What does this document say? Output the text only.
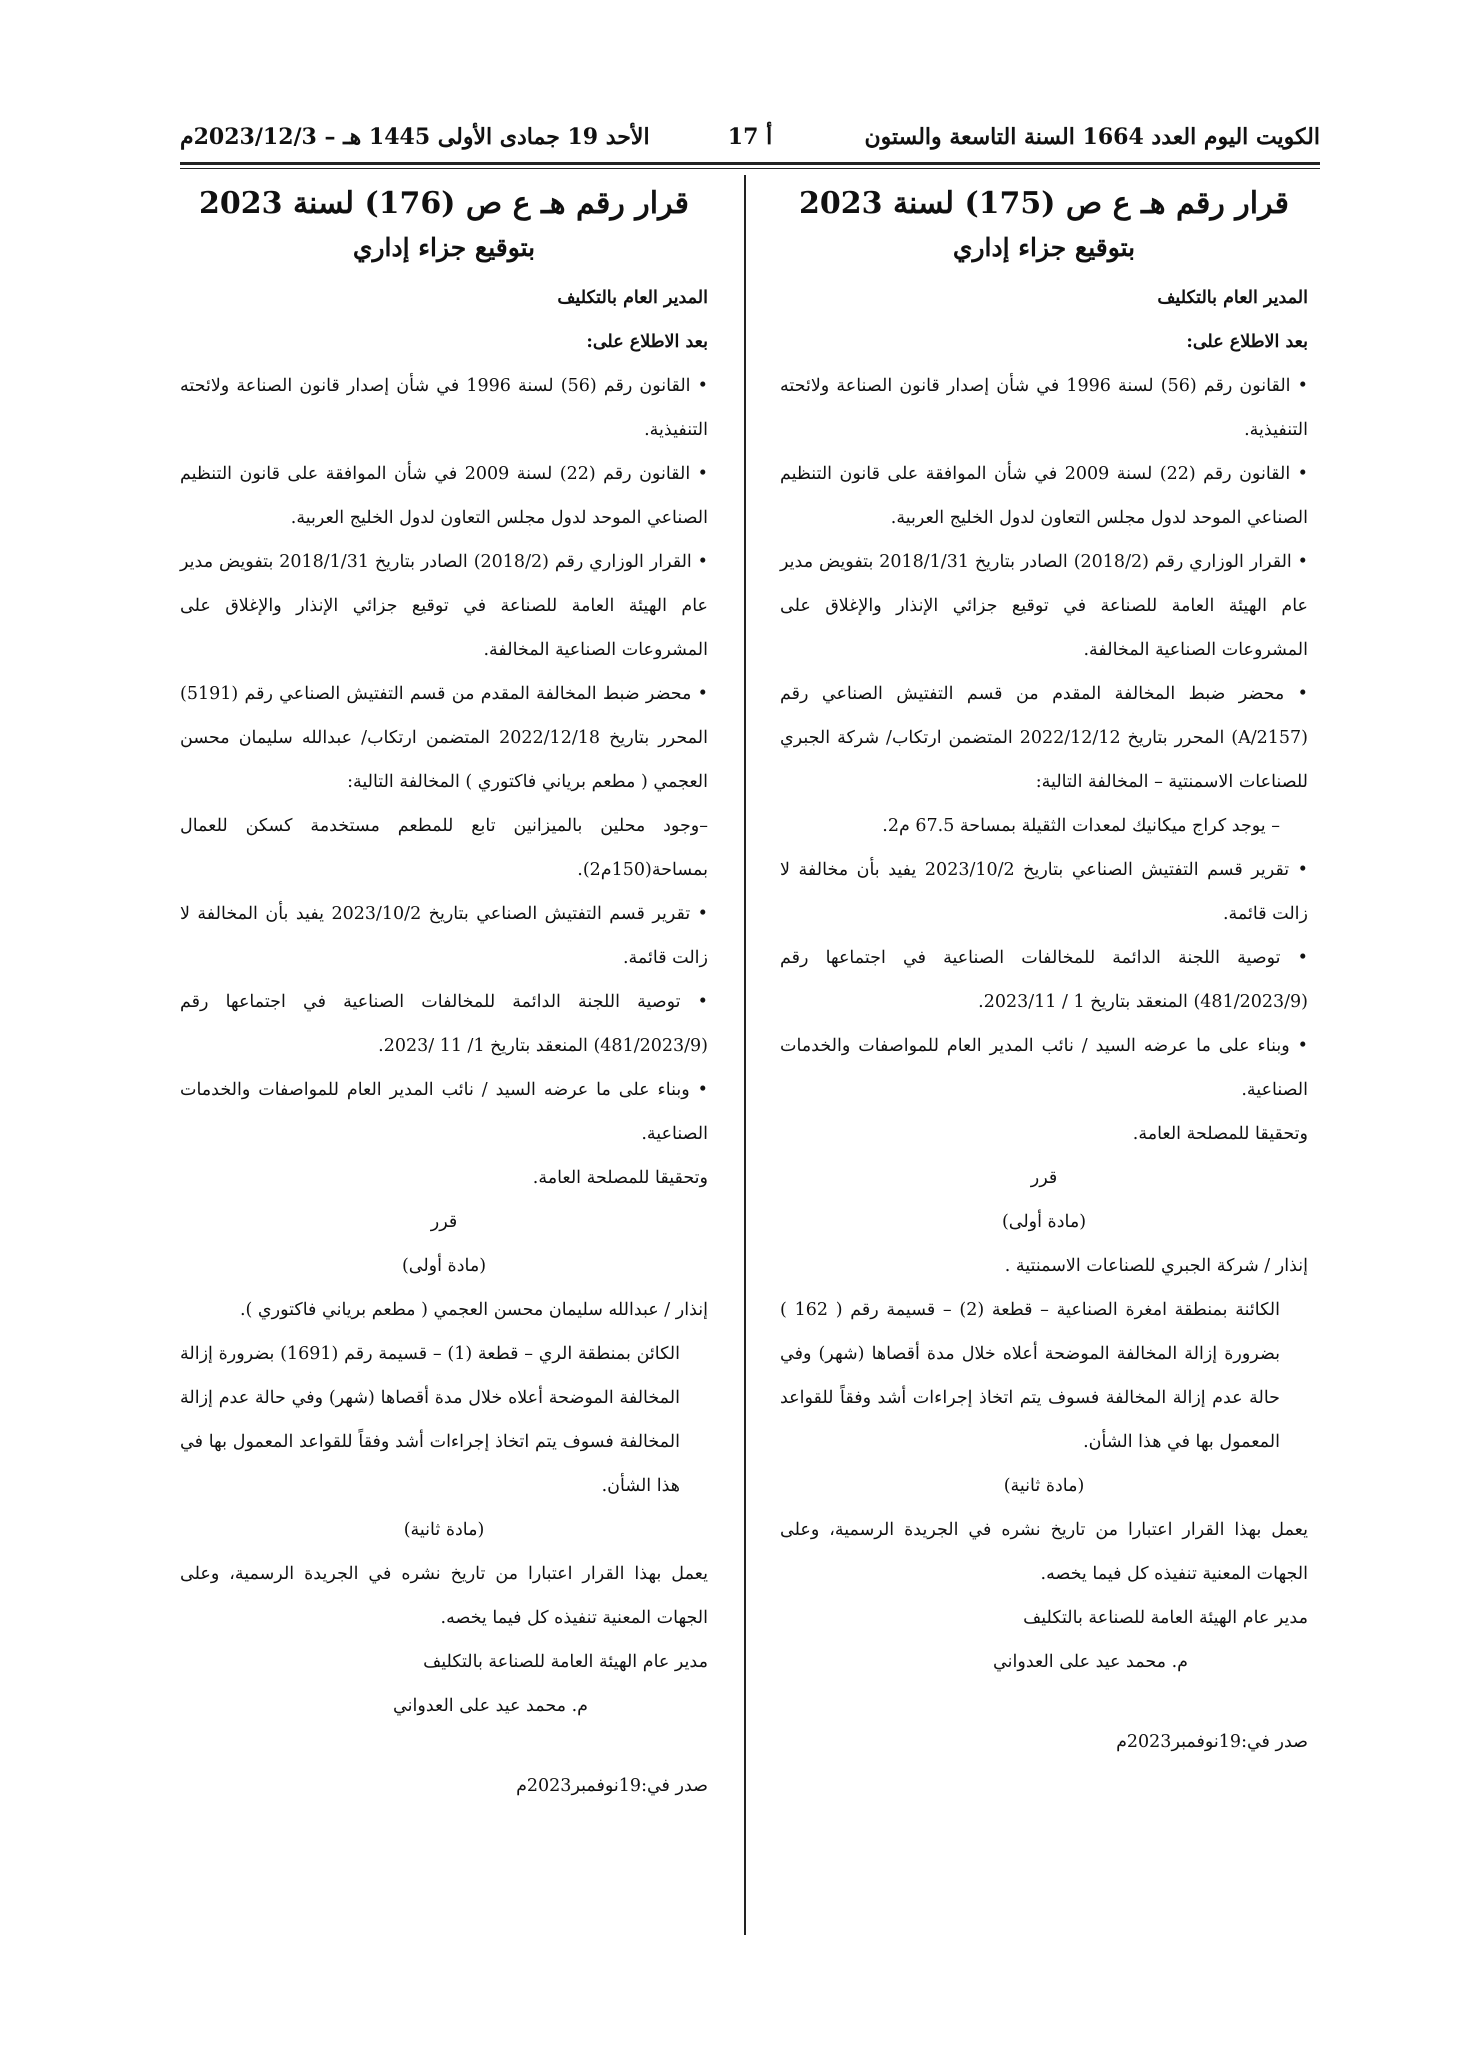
الكويت اليوم العدد 1664 السنة التاسعة والستون
أ 17
الأحد 19 جمادى الأولى 1445 هـ – 2023/12/3م
قرار رقم هـ ع ص (175) لسنة 2023
بتوقيع جزاء إداري

المدير العام بالتكليف

بعد الاطلاع على:

• القانون رقم (56) لسنة 1996 في شأن إصدار قانون الصناعة ولائحته التنفيذية.

• القانون رقم (22) لسنة 2009 في شأن الموافقة على قانون التنظيم الصناعي الموحد لدول مجلس التعاون لدول الخليج العربية.

• القرار الوزاري رقم (2018/2) الصادر بتاريخ 2018/1/31 بتفويض مدير عام الهيئة العامة للصناعة في توقيع جزائي الإنذار والإغلاق على المشروعات الصناعية المخالفة.

• محضر ضبط المخالفة المقدم من قسم التفتيش الصناعي رقم (A/2157) المحرر بتاريخ 2022/12/12 المتضمن ارتكاب/ شركة الجبري للصناعات الاسمنتية – المخالفة التالية:

– يوجد كراج ميكانيك لمعدات الثقيلة بمساحة 67.5 م2.

• تقرير قسم التفتيش الصناعي بتاريخ 2023/10/2 يفيد بأن مخالفة لا زالت قائمة.

• توصية اللجنة الدائمة للمخالفات الصناعية في اجتماعها رقم (481/2023/9) المنعقد بتاريخ 1 / 2023/11.

• وبناء على ما عرضه السيد / نائب المدير العام للمواصفات والخدمات الصناعية.

وتحقيقا للمصلحة العامة.

قرر

(مادة أولى)

إنذار / شركة الجبري للصناعات الاسمنتية .

الكائنة بمنطقة امغرة الصناعية – قطعة (2) – قسيمة رقم ( 162 ) بضرورة إزالة المخالفة الموضحة أعلاه خلال مدة أقصاها (شهر) وفي حالة عدم إزالة المخالفة فسوف يتم اتخاذ إجراءات أشد وفقاً للقواعد المعمول بها في هذا الشأن.

(مادة ثانية)

يعمل بهذا القرار اعتبارا من تاريخ نشره في الجريدة الرسمية، وعلى الجهات المعنية تنفيذه كل فيما يخصه.

مدير عام الهيئة العامة للصناعة بالتكليف

م. محمد عيد على العدواني

صدر في:19نوفمبر2023م

قرار رقم هـ ع ص (176) لسنة 2023
بتوقيع جزاء إداري

المدير العام بالتكليف

بعد الاطلاع على:

• القانون رقم (56) لسنة 1996 في شأن إصدار قانون الصناعة ولائحته التنفيذية.

• القانون رقم (22) لسنة 2009 في شأن الموافقة على قانون التنظيم الصناعي الموحد لدول مجلس التعاون لدول الخليج العربية.

• القرار الوزاري رقم (2018/2) الصادر بتاريخ 2018/1/31 بتفويض مدير عام الهيئة العامة للصناعة في توقيع جزائي الإنذار والإغلاق على المشروعات الصناعية المخالفة.

• محضر ضبط المخالفة المقدم من قسم التفتيش الصناعي رقم (5191) المحرر بتاريخ 2022/12/18 المتضمن ارتكاب/ عبدالله سليمان محسن العجمي ( مطعم برياني فاكتوري ) المخالفة التالية:

–وجود محلين بالميزانين تابع للمطعم مستخدمة كسكن للعمال بمساحة(150م2).

• تقرير قسم التفتيش الصناعي بتاريخ 2023/10/2 يفيد بأن المخالفة لا زالت قائمة.

• توصية اللجنة الدائمة للمخالفات الصناعية في اجتماعها رقم (481/2023/9) المنعقد بتاريخ 1/ 11 /2023.

• وبناء على ما عرضه السيد / نائب المدير العام للمواصفات والخدمات الصناعية.

وتحقيقا للمصلحة العامة.

قرر

(مادة أولى)

إنذار / عبدالله سليمان محسن العجمي ( مطعم برياني فاكتوري ).

الكائن بمنطقة الري – قطعة (1) – قسيمة رقم (1691) بضرورة إزالة المخالفة الموضحة أعلاه خلال مدة أقصاها (شهر) وفي حالة عدم إزالة المخالفة فسوف يتم اتخاذ إجراءات أشد وفقاً للقواعد المعمول بها في هذا الشأن.

(مادة ثانية)

يعمل بهذا القرار اعتبارا من تاريخ نشره في الجريدة الرسمية، وعلى الجهات المعنية تنفيذه كل فيما يخصه.

مدير عام الهيئة العامة للصناعة بالتكليف

م. محمد عيد على العدواني

صدر في:19نوفمبر2023م
